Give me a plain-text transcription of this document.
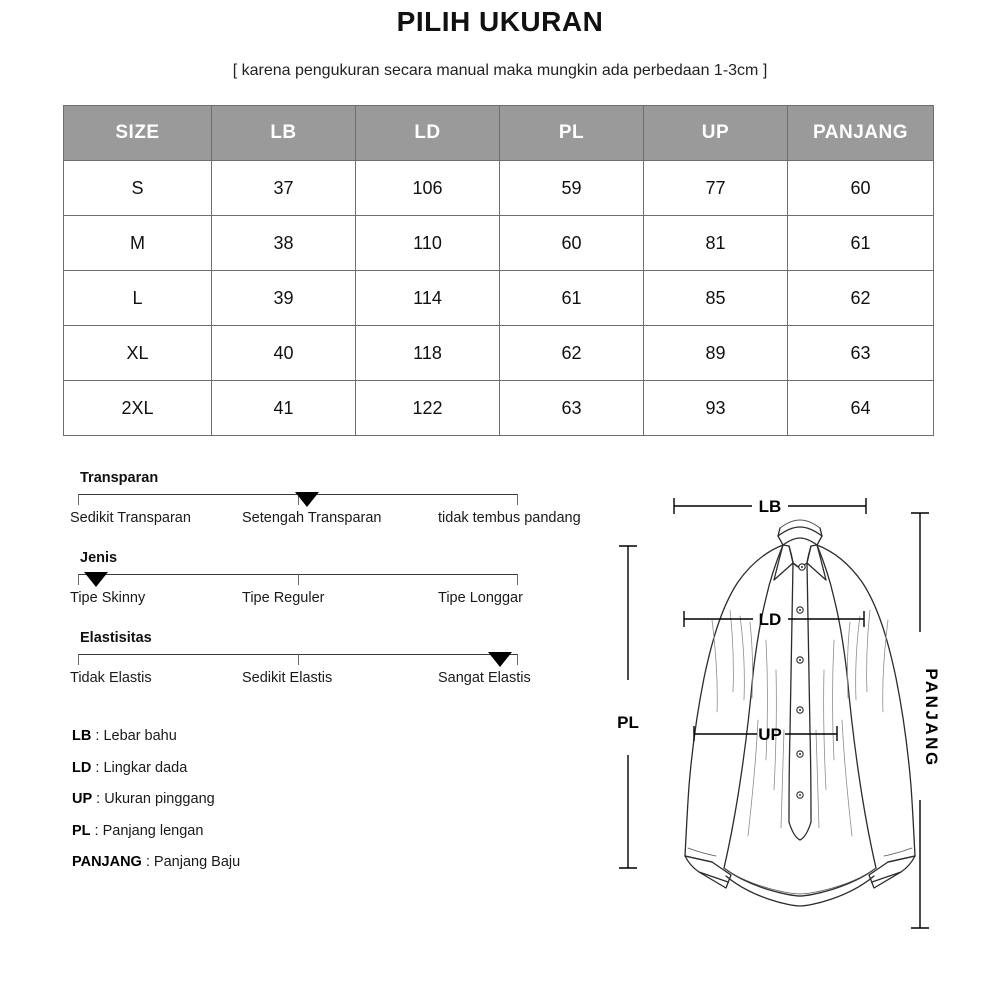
PILIH UKURAN
[ karena pengukuran secara manual maka mungkin ada perbedaan 1-3cm ]
SIZE	LB	LD	PL	UP	PANJANG
S	37	106	59	77	60
M	38	110	60	81	61
L	39	114	61	85	62
XL	40	118	62	89	63
2XL	41	122	63	93	64
Transparan
Sedikit Transparan	Setengah Transparan	tidak tembus pandang
Jenis
Tipe Skinny	Tipe Reguler	Tipe Longgar
Elastisitas
Tidak Elastis	Sedikit Elastis	Sangat Elastis
LB : Lebar bahu
LD : Lingkar dada
UP : Ukuran pinggang
PL : Panjang lengan
PANJANG : Panjang Baju
LB
LD
UP
PL	PANJANG
